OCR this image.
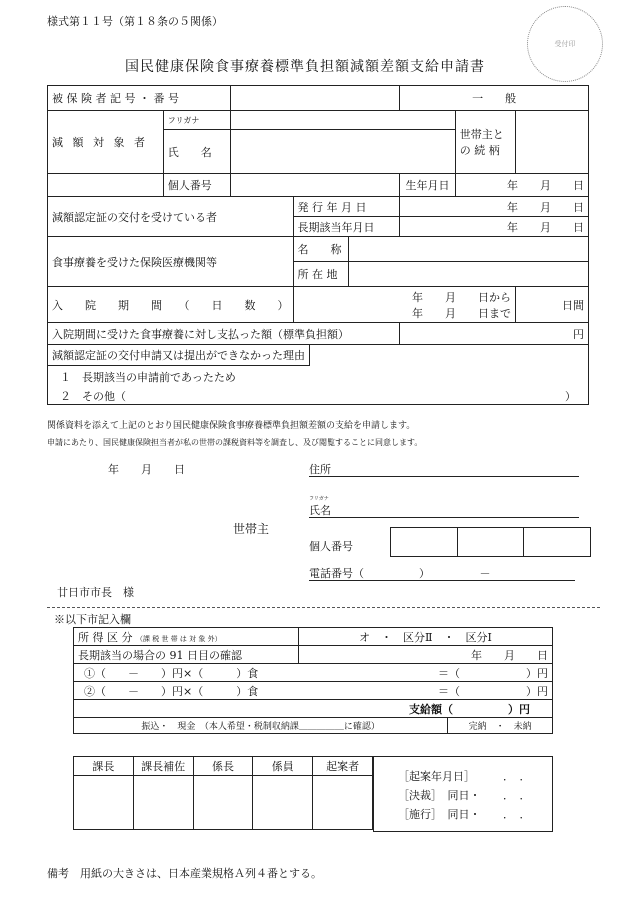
様式第１１号（第１８条の５関係）
受付印
国民健康保険食事療養標準負担額減額差額支給申請書
被 保 険 者 記 号 ・ 番 号					一　　般		
減 額 対 象 者	フリガナ					世帯主と
の 続 柄	
	氏　　名						
	個人番号				生年月日	年　　月　　日	
減額認定証の交付を受けている者			発 行 年 月 日		年　　月　　日		
			長期該当年月日		年　　月　　日		
食事療養を受けた保険医療機関等			名　　称				
			所 在 地				
入　　院　　期　　間　　（　　日　　数　　）			年　　月　　日から
年　　月　　日まで				日間
入院期間に受けた食事療養に対し支払った額（標準負担額）					円		
減額認定証の交付申請又は提出ができなかった理由
１　長期該当の申請前であったため
２　その他（ ）							
関係資料を添えて上記のとおり国民健康保険食事療養標準負担額差額の支給を申請します。
申請にあたり、国民健康保険担当者が私の世帯の課税資料等を調査し、及び閲覧することに同意します。
年　　月　　日	住所
フリガナ
氏名
世帯主
個人番号
電話番号（　　　　　）　　　　　－
廿日市市長　様
※以下市記入欄
所 得 区 分 （課 税 世 帯 は 対 象 外）	オ　・　区分Ⅱ　・　区分Ⅰ	
長期該当の場合の 91 日目の確認	年　　月　　日	
①（　　－　　）円×（　　　）食	＝（　　　　　　）円	
②（　　－　　）円×（　　　）食	＝（　　　　　　）円	
支給額（　　　　　）円		
振込・　現金　（本人希望・税制収納課＿＿＿＿＿に確認）		完納　・　未納
課長	課長補佐	係長	係員	起案者

［起案年月日］	．　．
［決裁］　同日・ ．　．
［施行］　同日・ ．　．
備考　用紙の大きさは、日本産業規格Ａ列４番とする。
